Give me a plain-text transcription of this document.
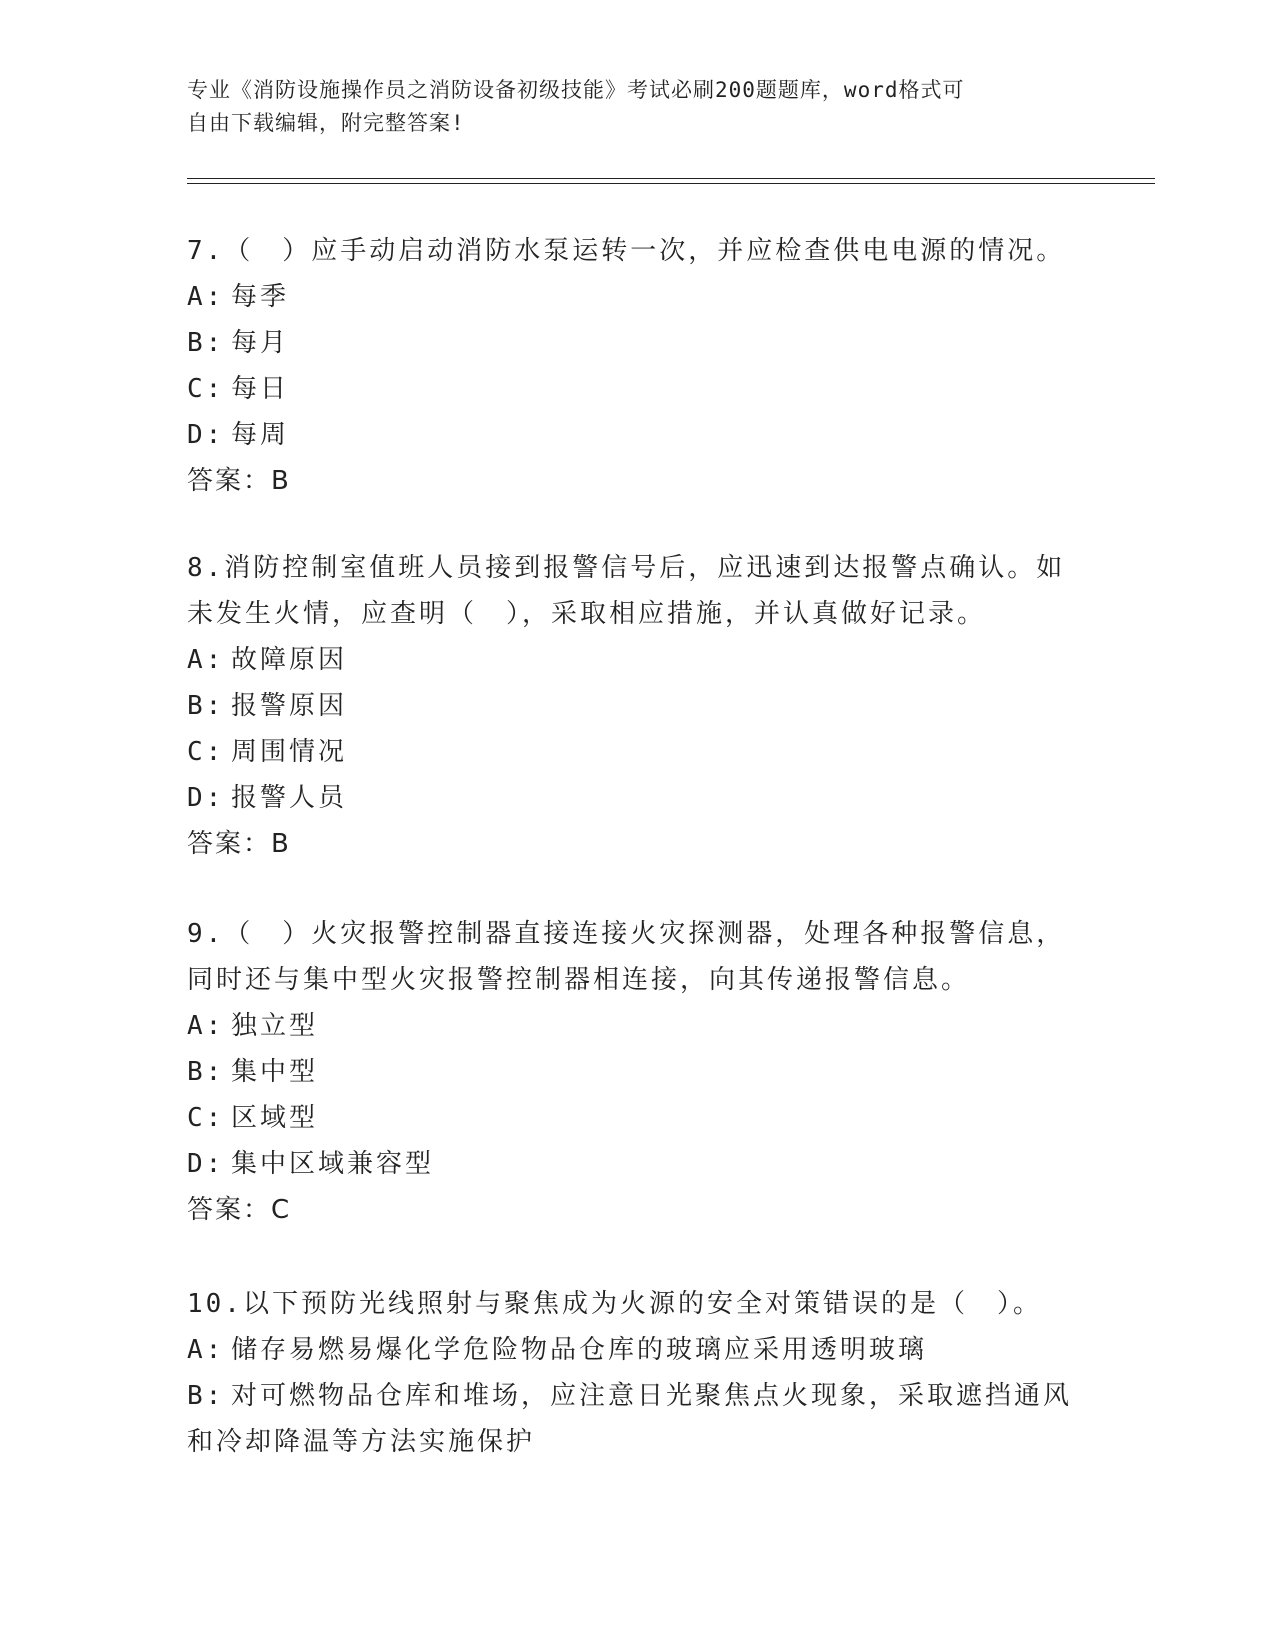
专业《消防设施操作员之消防设备初级技能》考试必刷200题题库，word格式可
自由下载编辑，附完整答案!

7.（　）应手动启动消防水泵运转一次，并应检查供电电源的情况。

A: 每季

B: 每月

C: 每日

D: 每周

答案：B

8.消防控制室值班人员接到报警信号后，应迅速到达报警点确认。如未发生火情，应查明（　），采取相应措施，并认真做好记录。

A: 故障原因

B: 报警原因

C: 周围情况

D: 报警人员

答案：B

9.（　）火灾报警控制器直接连接火灾探测器，处理各种报警信息，同时还与集中型火灾报警控制器相连接，向其传递报警信息。

A: 独立型

B: 集中型

C: 区域型

D: 集中区域兼容型

答案：C

10.以下预防光线照射与聚焦成为火源的安全对策错误的是（　）。

A: 储存易燃易爆化学危险物品仓库的玻璃应采用透明玻璃

B: 对可燃物品仓库和堆场，应注意日光聚焦点火现象，采取遮挡通风和冷却降温等方法实施保护
